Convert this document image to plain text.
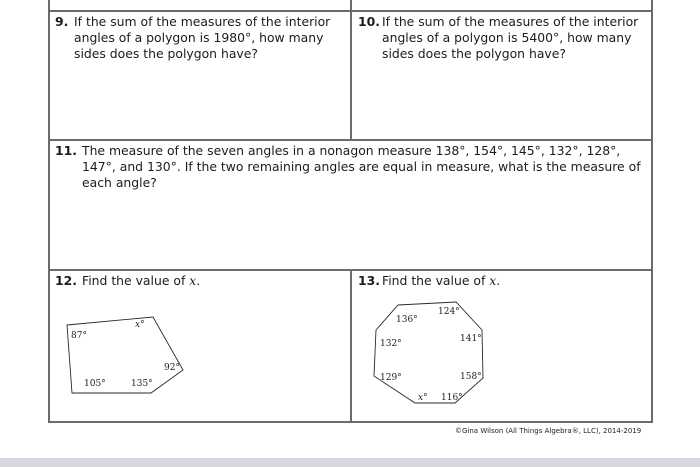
9. If the sum of the measures of the interior angles of a polygon is 1980°, how many sides does the polygon have?
10. If the sum of the measures of the interior angles of a polygon is 5400°, how many sides does the polygon have?
11. The measure of the seven angles in a nonagon measure 138°, 154°, 145°, 132°, 128°, 147°, and 130°. If the two remaining angles are equal in measure, what is the measure of each angle?
12. Find the value of x.	13. Find the value of x.
87°
x°
92°
135°
105°
136°
124°
141°
158°
116°
x°
129°
132°
©Gina Wilson (All Things Algebra®, LLC), 2014-2019
